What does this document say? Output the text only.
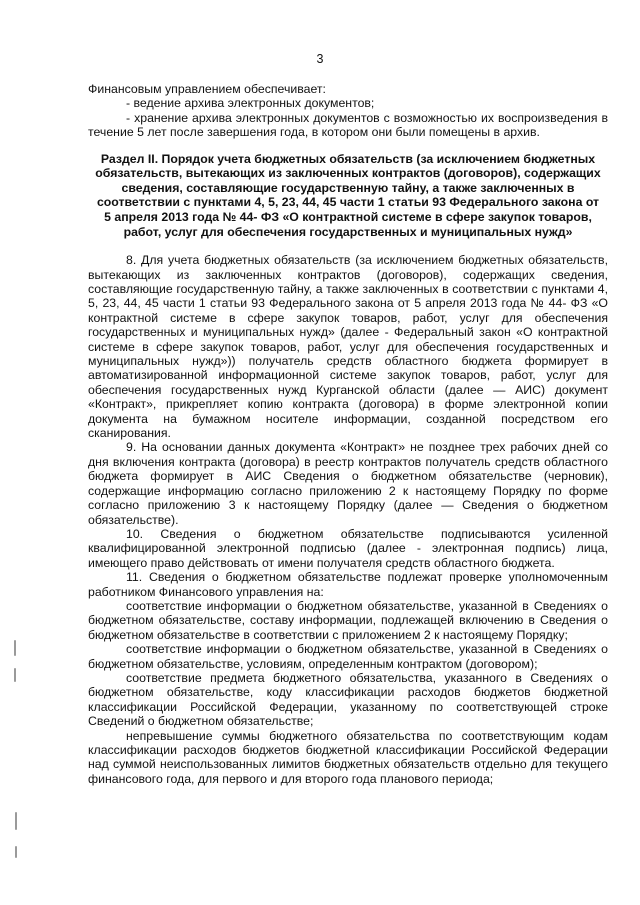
3

Финансовым управлением обеспечивает:

- ведение архива электронных документов;

- хранение архива электронных документов с возможностью их воспроизведения в течение 5 лет после завершения года, в котором они были помещены в архив.

Раздел II. Порядок учета бюджетных обязательств (за исключением бюджетных обязательств, вытекающих из заключенных контрактов (договоров), содержащих сведения, составляющие государственную тайну, а также заключенных в соответствии с пунктами 4, 5, 23, 44, 45 части 1 статьи 93 Федерального закона от 5 апреля 2013 года № 44- ФЗ «О контрактной системе в сфере закупок товаров, работ, услуг для обеспечения государственных и муниципальных нужд»

8. Для учета бюджетных обязательств (за исключением бюджетных обязательств, вытекающих из заключенных контрактов (договоров), содержащих сведения, составляющие государственную тайну, а также заключенных в соответствии с пунктами 4, 5, 23, 44, 45 части 1 статьи 93 Федерального закона от 5 апреля 2013 года № 44- ФЗ «О контрактной системе в сфере закупок товаров, работ, услуг для обеспечения государственных и муниципальных нужд» (далее - Федеральный закон «О контрактной системе в сфере закупок товаров, работ, услуг для обеспечения государственных и муниципальных нужд»)) получатель средств областного бюджета формирует в автоматизированной информационной системе закупок товаров, работ, услуг для обеспечения государственных нужд Курганской области (далее — АИС) документ «Контракт», прикрепляет копию контракта (договора) в форме электронной копии документа на бумажном носителе информации, созданной посредством его сканирования.

9. На основании данных документа «Контракт» не позднее трех рабочих дней со дня включения контракта (договора) в реестр контрактов получатель средств областного бюджета формирует в АИС Сведения о бюджетном обязательстве (черновик), содержащие информацию согласно приложению 2 к настоящему Порядку по форме согласно приложению 3 к настоящему Порядку (далее — Сведения о бюджетном обязательстве).

10. Сведения о бюджетном обязательстве подписываются усиленной квалифицированной электронной подписью (далее - электронная подпись) лица, имеющего право действовать от имени получателя средств областного бюджета.

11. Сведения о бюджетном обязательстве подлежат проверке уполномоченным работником Финансового управления на:

соответствие информации о бюджетном обязательстве, указанной в Сведениях о бюджетном обязательстве, составу информации, подлежащей включению в Сведения о бюджетном обязательстве в соответствии с приложением 2 к настоящему Порядку;

соответствие информации о бюджетном обязательстве, указанной в Сведениях о бюджетном обязательстве, условиям, определенным контрактом (договором);

соответствие предмета бюджетного обязательства, указанного в Сведениях о бюджетном обязательстве, коду классификации расходов бюджетов бюджетной классификации Российской Федерации, указанному по соответствующей строке Сведений о бюджетном обязательстве;

непревышение суммы бюджетного обязательства по соответствующим кодам классификации расходов бюджетов бюджетной классификации Российской Федерации над суммой неиспользованных лимитов бюджетных обязательств отдельно для текущего финансового года, для первого и для второго года планового периода;
